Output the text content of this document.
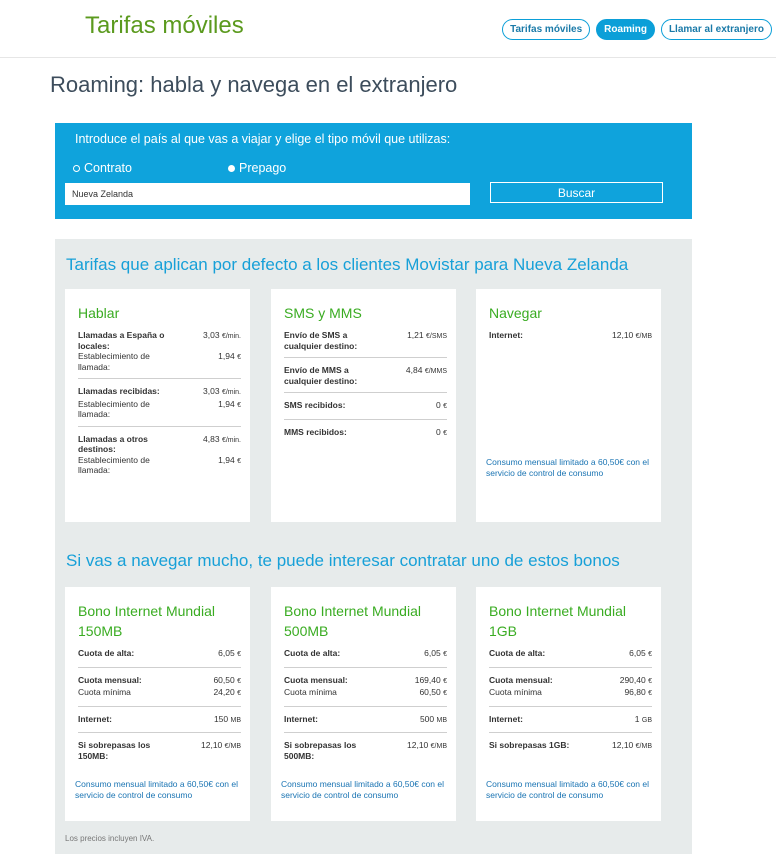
Tarifas móviles	Tarifas móviles	Roaming	Llamar al extranjero
Roaming: habla y navega en el extranjero
Introduce el país al que vas a viajar y elige el tipo móvil que utilizas:
Contrato	Prepago
Nueva Zelanda
Buscar
Tarifas que aplican por defecto a los clientes Movistar para Nueva Zelanda
Hablar
Llamadas a España o locales:
3,03 €/min.
Establecimiento de llamada:
1,94 €
Llamadas recibidas:	3,03 €/min.
Establecimiento de llamada:
1,94 €
Llamadas a otros destinos:
4,83 €/min.
Establecimiento de llamada:
1,94 €
SMS y MMS
Envío de SMS a cualquier destino:
1,21 €/SMS
Envío de MMS a cualquier destino:
4,84 €/MMS
SMS recibidos:	0 €
MMS recibidos:	0 €
Navegar
Internet:	12,10 €/MB
Consumo mensual limitado a 60,50€ con el servicio de control de consumo
Si vas a navegar mucho, te puede interesar contratar uno de estos bonos
Bono Internet Mundial 150MB
Cuota de alta:	6,05 €
Cuota mensual:	60,50 €
Cuota mínima	24,20 €
Internet:	150 MB
Si sobrepasas los 150MB:
12,10 €/MB
Consumo mensual limitado a 60,50€ con el servicio de control de consumo
Bono Internet Mundial 500MB
Cuota de alta:	6,05 €
Cuota mensual:	169,40 €
Cuota mínima	60,50 €
Internet:	500 MB
Si sobrepasas los 500MB:
12,10 €/MB
Consumo mensual limitado a 60,50€ con el servicio de control de consumo
Bono Internet Mundial 1GB
Cuota de alta:	6,05 €
Cuota mensual:	290,40 €
Cuota mínima	96,80 €
Internet:	1 GB
Si sobrepasas 1GB:	12,10 €/MB
Consumo mensual limitado a 60,50€ con el servicio de control de consumo
Los precios incluyen IVA.
